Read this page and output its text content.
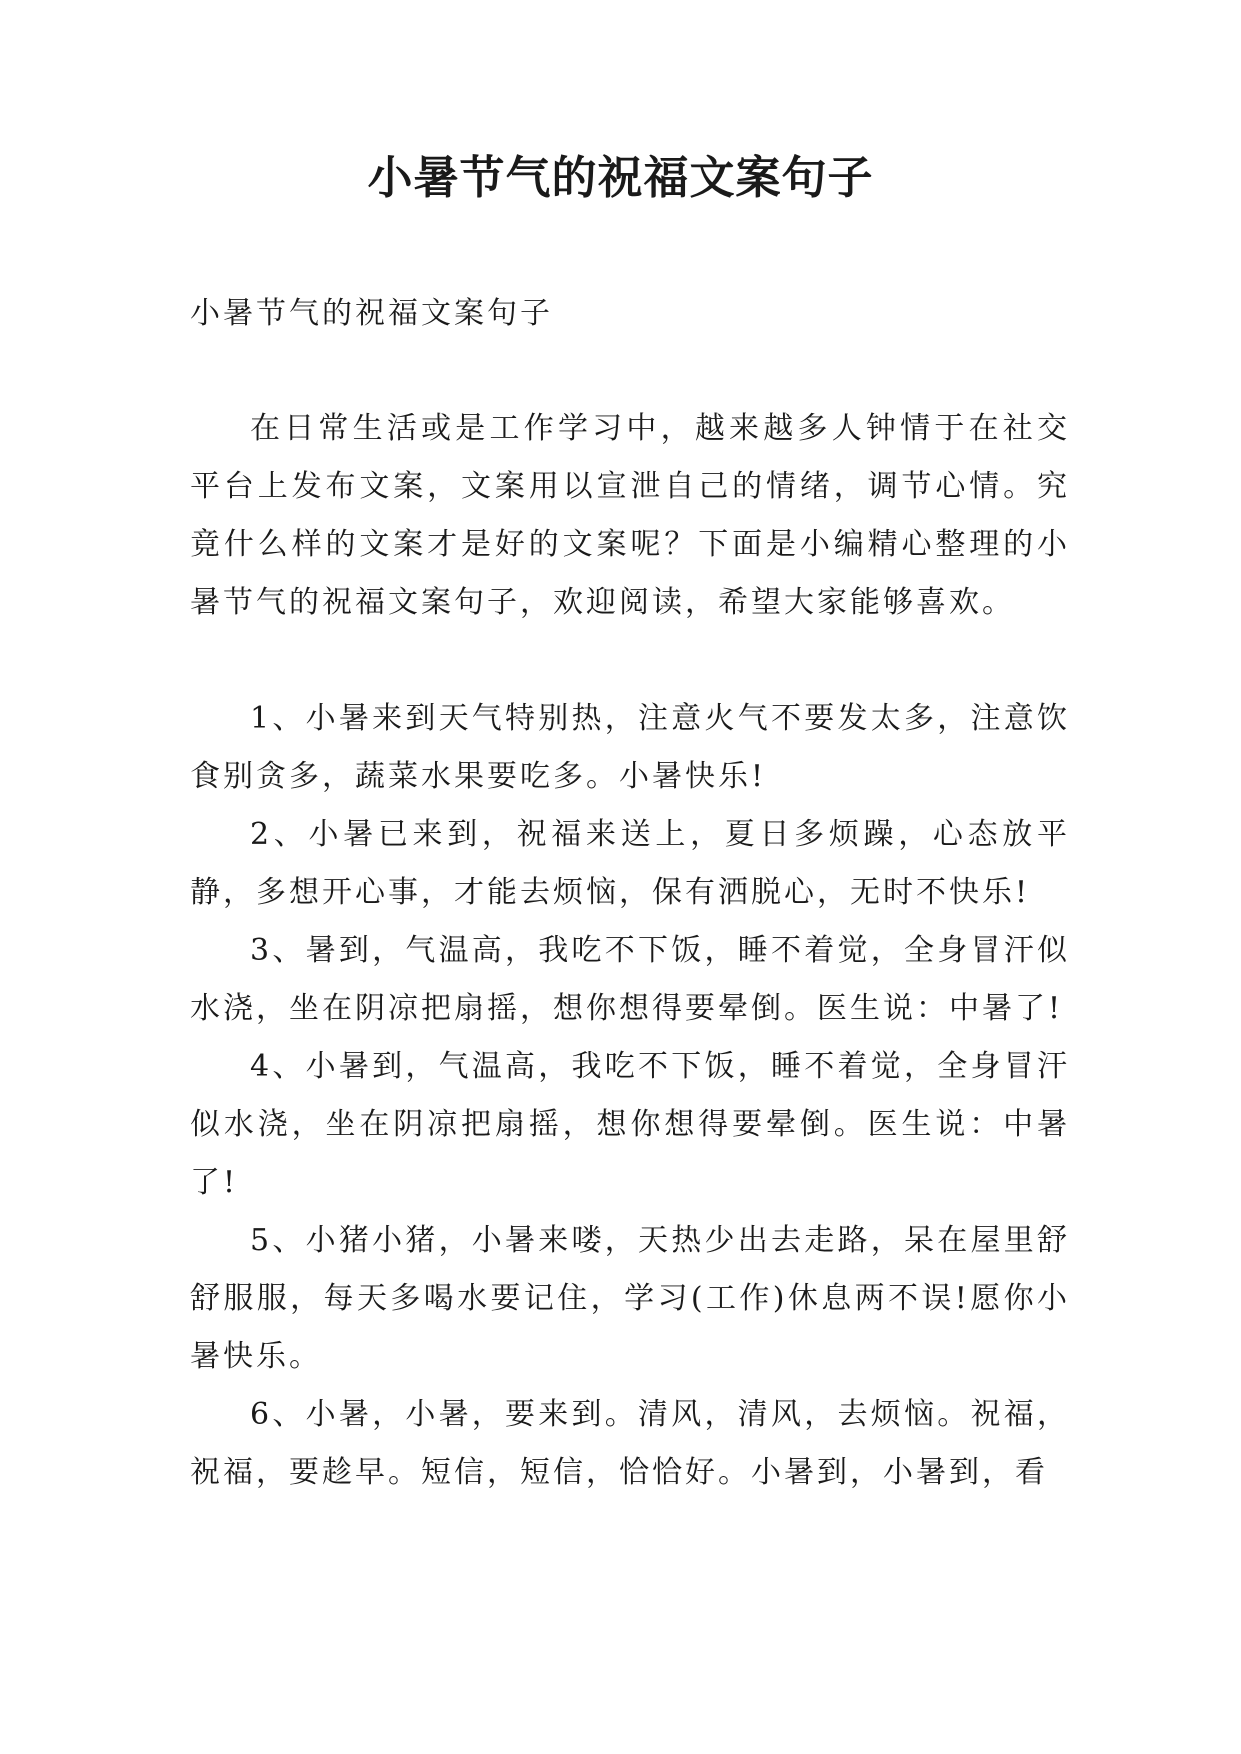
小暑节气的祝福文案句子

小暑节气的祝福文案句子

在日常生活或是工作学习中，越来越多人钟情于在社交平台上发布文案，文案用以宣泄自己的情绪，调节心情。究竟什么样的文案才是好的文案呢？下面是小编精心整理的小暑节气的祝福文案句子，欢迎阅读，希望大家能够喜欢。

1、小暑来到天气特别热，注意火气不要发太多，注意饮食别贪多，蔬菜水果要吃多。小暑快乐!

2、小暑已来到，祝福来送上，夏日多烦躁，心态放平静，多想开心事，才能去烦恼，保有洒脱心，无时不快乐!

3、暑到，气温高，我吃不下饭，睡不着觉，全身冒汗似水浇，坐在阴凉把扇摇，想你想得要晕倒。医生说：中暑了!

4、小暑到，气温高，我吃不下饭，睡不着觉，全身冒汗似水浇，坐在阴凉把扇摇，想你想得要晕倒。医生说：中暑了!

5、小猪小猪，小暑来喽，天热少出去走路，呆在屋里舒舒服服，每天多喝水要记住，学习(工作)休息两不误!愿你小暑快乐。

6、小暑，小暑，要来到。清风，清风，去烦恼。祝福，祝福，要趁早。短信，短信，恰恰好。小暑到，小暑到，看
